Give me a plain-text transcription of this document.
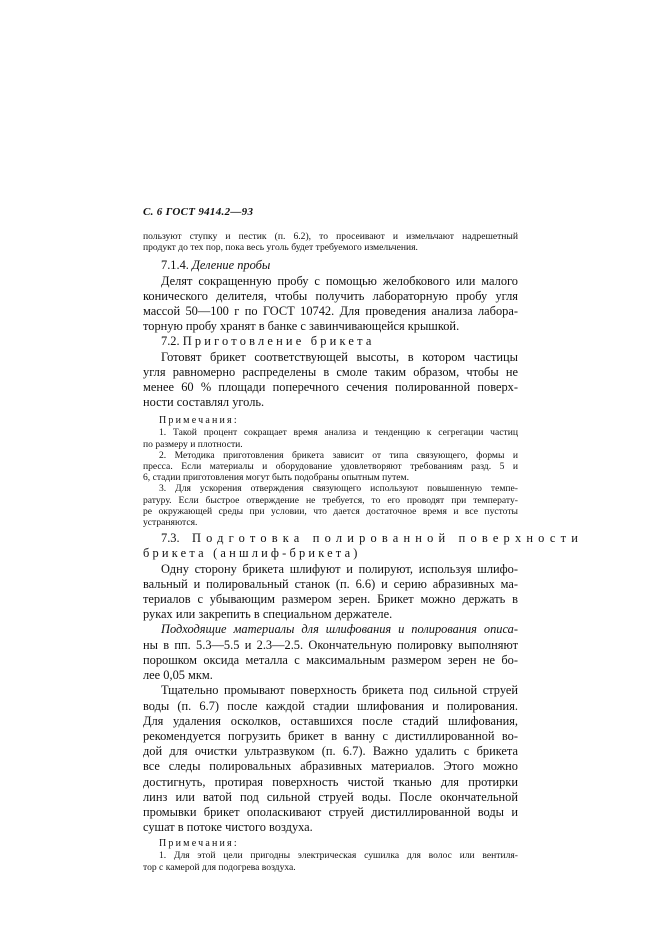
С. 6 ГОСТ 9414.2—93
пользуют ступку и пестик (п. 6.2), то просеивают и измельчают надрешетный
продукт до тех пор, пока весь уголь будет требуемого измельчения.
7.1.4. Деление пробы
Делят сокращенную пробу с помощью желобкового или малого
конического делителя, чтобы получить лабораторную пробу угля
массой 50—100 г по ГОСТ 10742. Для проведения анализа лабора-
торную пробу хранят в банке с завинчивающейся крышкой.
7.2. Приготовление брикета
Готовят брикет соответствующей высоты, в котором частицы
угля равномерно распределены в смоле таким образом, чтобы не
менее 60 % площади поперечного сечения полированной поверх-
ности составлял уголь.
Примечания:
1. Такой процент сокращает время анализа и тенденцию к сегрегации частиц
по размеру и плотности.
2. Методика приготовления брикета зависит от типа связующего, формы и
пресса. Если материалы и оборудование удовлетворяют требованиям разд. 5 и
6, стадии приготовления могут быть подобраны опытным путем.
3. Для ускорения отверждения связующего используют повышенную темпе-
ратуру. Если быстрое отверждение не требуется, то его проводят при температу-
ре окружающей среды при условии, что дается достаточное время и все пустоты
устраняются.
7.3. Подготовка полированной поверхности
брикета (аншлиф-брикета)
Одну сторону брикета шлифуют и полируют, используя шлифо-
вальный и полировальный станок (п. 6.6) и серию абразивных ма-
териалов с убывающим размером зерен. Брикет можно держать в
руках или закрепить в специальном держателе.
Подходящие материалы для шлифования и полирования описа-
ны в пп. 5.3—5.5 и 2.3—2.5. Окончательную полировку выполняют
порошком оксида металла с максимальным размером зерен не бо-
лее 0,05 мкм.
Тщательно промывают поверхность брикета под сильной струей
воды (п. 6.7) после каждой стадии шлифования и полирования.
Для удаления осколков, оставшихся после стадий шлифования,
рекомендуется погрузить брикет в ванну с дистиллированной во-
дой для очистки ультразвуком (п. 6.7). Важно удалить с брикета
все следы полировальных абразивных материалов. Этого можно
достигнуть, протирая поверхность чистой тканью для протирки
линз или ватой под сильной струей воды. После окончательной
промывки брикет ополаскивают струей дистиллированной воды и
сушат в потоке чистого воздуха.
Примечания:
1. Для этой цели пригодны электрическая сушилка для волос или вентиля-
тор с камерой для подогрева воздуха.
